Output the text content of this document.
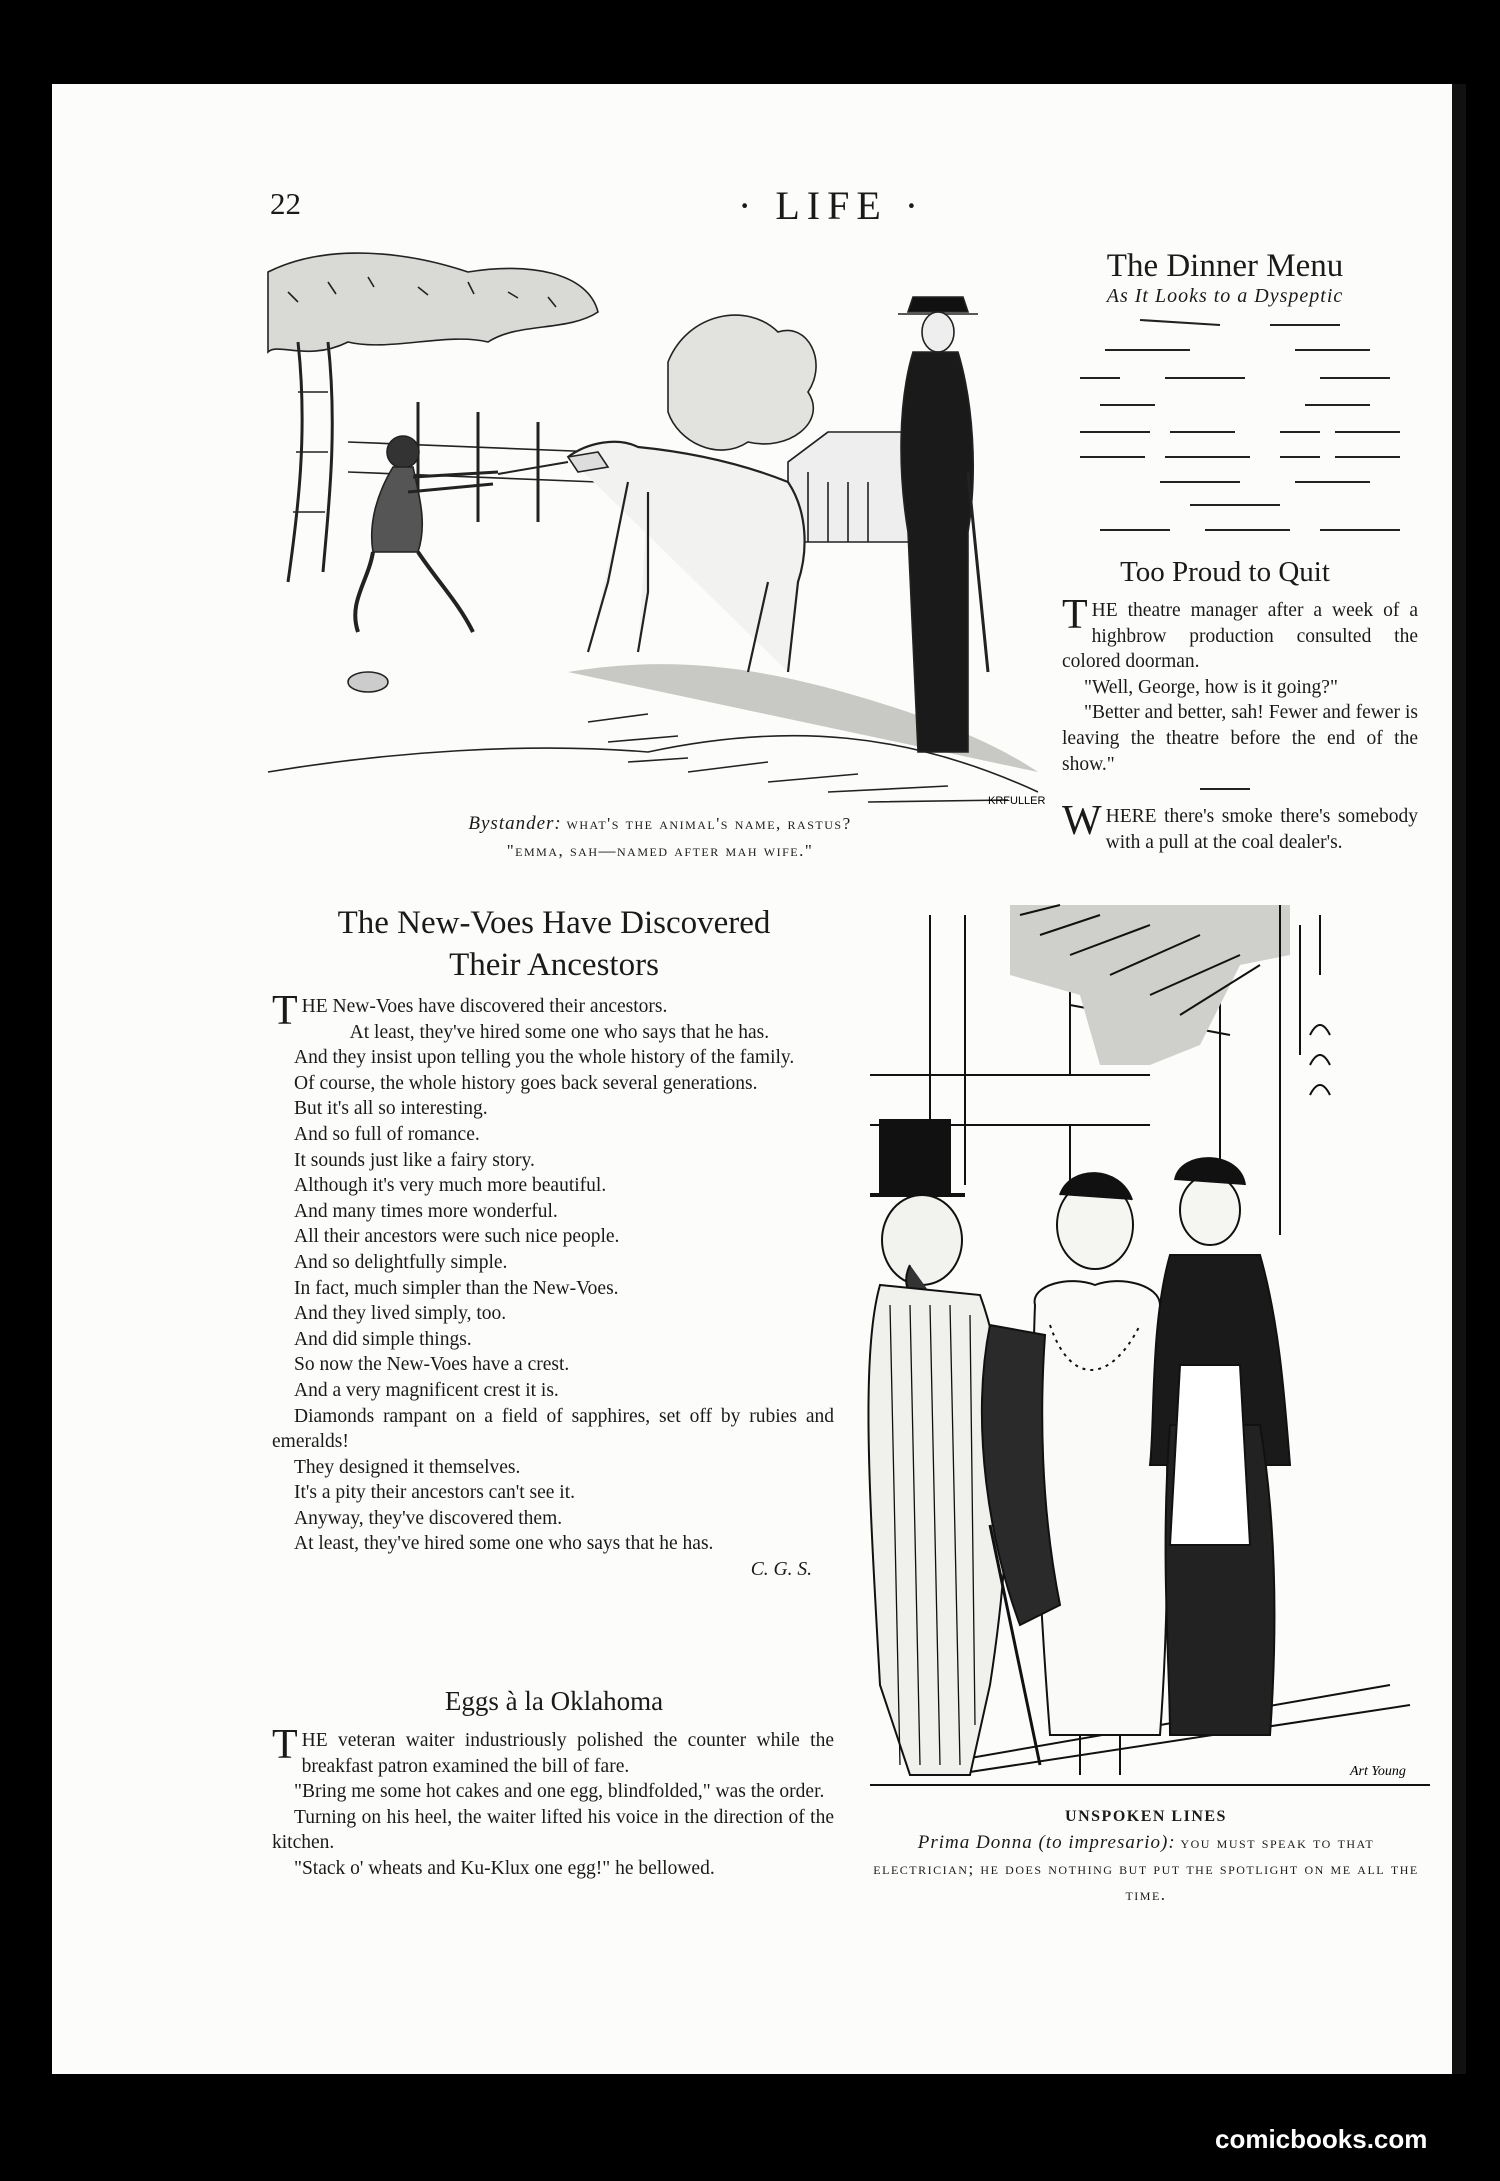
22	· LIFE ·
KRFULLER
Bystander: what's the animal's name, rastus?
"emma, sah—named after mah wife."
The Dinner Menu
As It Looks to a Dyspeptic
Too Proud to Quit

THE theatre manager after a week of a highbrow production consulted the colored doorman.

"Well, George, how is it going?"

"Better and better, sah! Fewer and fewer is leaving the theatre before the end of the show."

WHERE there's smoke there's somebody with a pull at the coal dealer's.

The New-Voes Have Discovered
Their Ancestors

THE New-Voes have discovered their ancestors.

At least, they've hired some one who says that he has.

And they insist upon telling you the whole history of the family.

Of course, the whole history goes back several generations.

But it's all so interesting.

And so full of romance.

It sounds just like a fairy story.

Although it's very much more beautiful.

And many times more wonderful.

All their ancestors were such nice people.

And so delightfully simple.

In fact, much simpler than the New-Voes.

And they lived simply, too.

And did simple things.

So now the New-Voes have a crest.

And a very magnificent crest it is.

Diamonds rampant on a field of sapphires, set off by rubies and emeralds!

They designed it themselves.

It's a pity their ancestors can't see it.

Anyway, they've discovered them.

At least, they've hired some one who says that he has.

C. G. S.
Eggs à la Oklahoma

THE veteran waiter industriously polished the counter while the breakfast patron examined the bill of fare.

"Bring me some hot cakes and one egg, blindfolded," was the order.

Turning on his heel, the waiter lifted his voice in the direction of the kitchen.

"Stack o' wheats and Ku-Klux one egg!" he bellowed.

Art Young
UNSPOKEN LINES
Prima Donna (to impresario): you must speak to that electrician; he does nothing but put the spotlight on me all the time.
comicbooks.com
